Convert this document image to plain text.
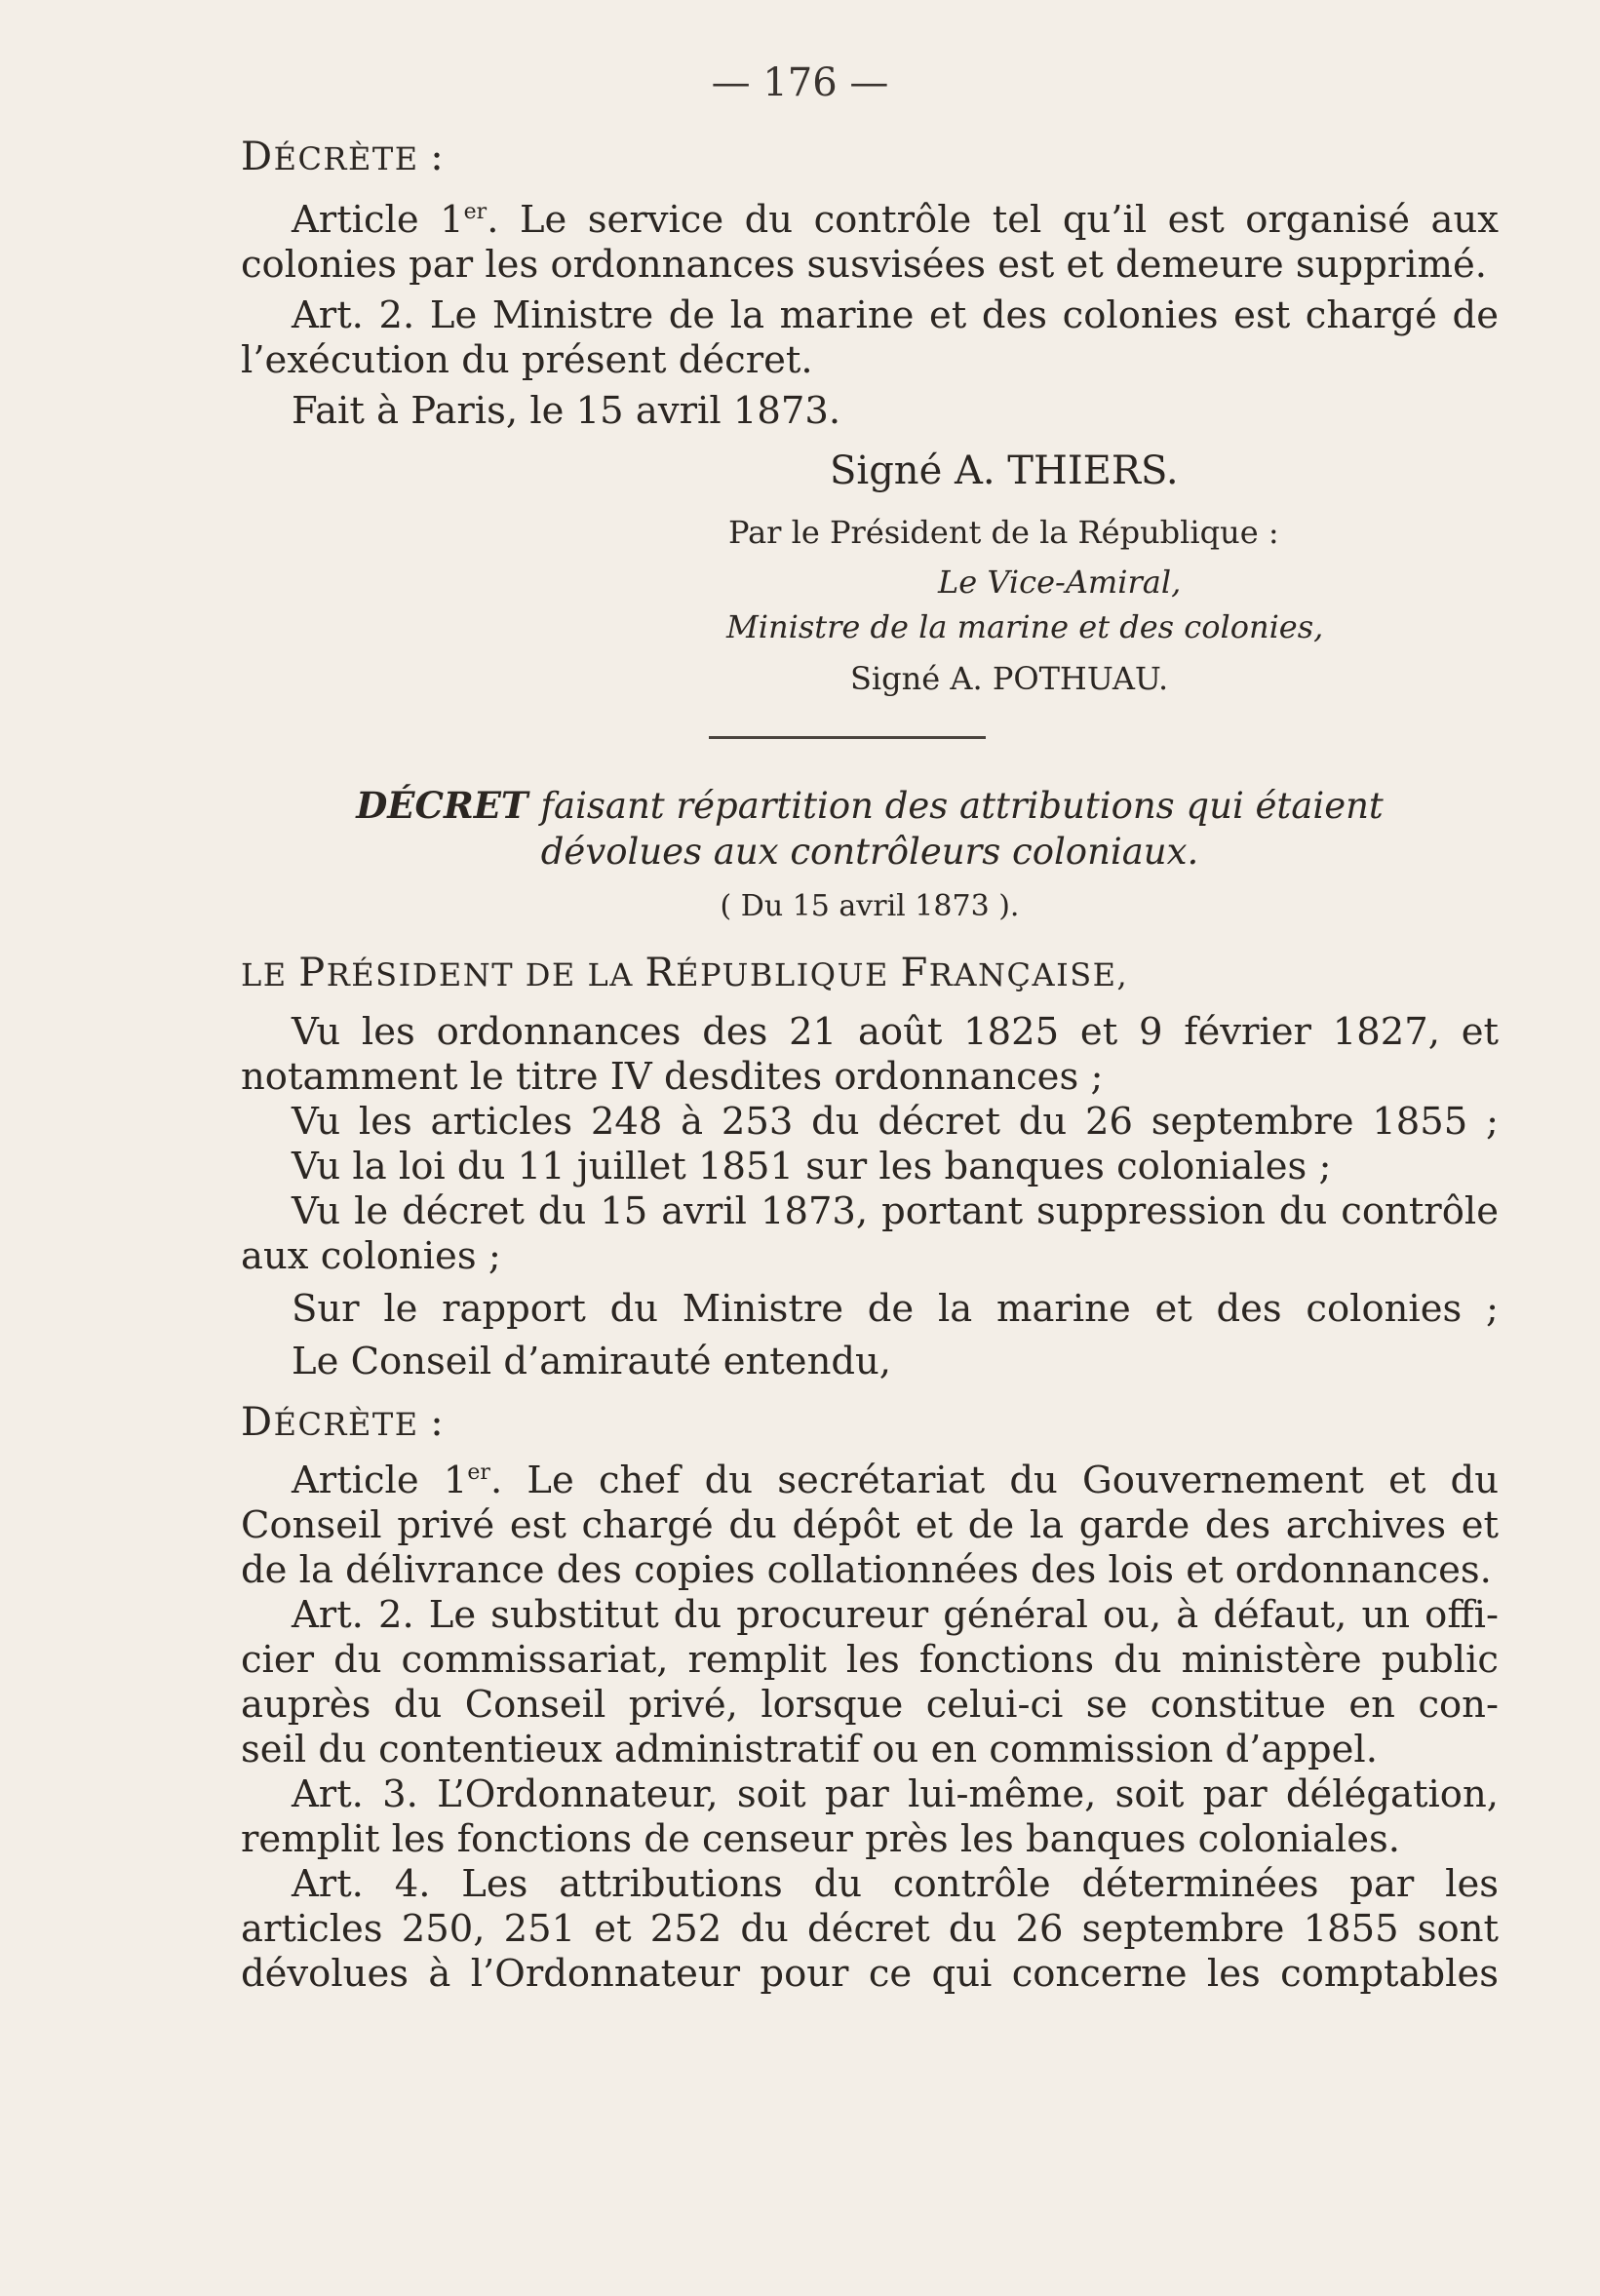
— 176 —
DÉCRÈTE :
Article 1er. Le service du contrôle tel qu’il est organisé aux
colonies par les ordonnances susvisées est et demeure supprimé.
Art. 2. Le Ministre de la marine et des colonies est chargé de
l’exécution du présent décret.
Fait à Paris, le 15 avril 1873.
Signé A. THIERS.
Par le Président de la République :
Le Vice-Amiral,
Ministre de la marine et des colonies,
Signé A. POTHUAU.
DÉCRET faisant répartition des attributions qui étaient
dévolues aux contrôleurs coloniaux.
( Du 15 avril 1873 ).
LE PRÉSIDENT DE LA RÉPUBLIQUE FRANÇAISE,
Vu les ordonnances des 21 août 1825 et 9 février 1827, et
notamment le titre IV desdites ordonnances ;
Vu les articles 248 à 253 du décret du 26 septembre 1855 ;
Vu la loi du 11 juillet 1851 sur les banques coloniales ;
Vu le décret du 15 avril 1873, portant suppression du contrôle
aux colonies ;
Sur le rapport du Ministre de la marine et des colonies ;
Le Conseil d’amirauté entendu,
DÉCRÈTE :
Article 1er. Le chef du secrétariat du Gouvernement et du
Conseil privé est chargé du dépôt et de la garde des archives et
de la délivrance des copies collationnées des lois et ordonnances.
Art. 2. Le substitut du procureur général ou, à défaut, un offi-
cier du commissariat, remplit les fonctions du ministère public
auprès du Conseil privé, lorsque celui-ci se constitue en con-
seil du contentieux administratif ou en commission d’appel.
Art. 3. L’Ordonnateur, soit par lui-même, soit par délégation,
remplit les fonctions de censeur près les banques coloniales.
Art. 4. Les attributions du contrôle déterminées par les
articles 250, 251 et 252 du décret du 26 septembre 1855 sont
dévolues à l’Ordonnateur pour ce qui concerne les comptables
